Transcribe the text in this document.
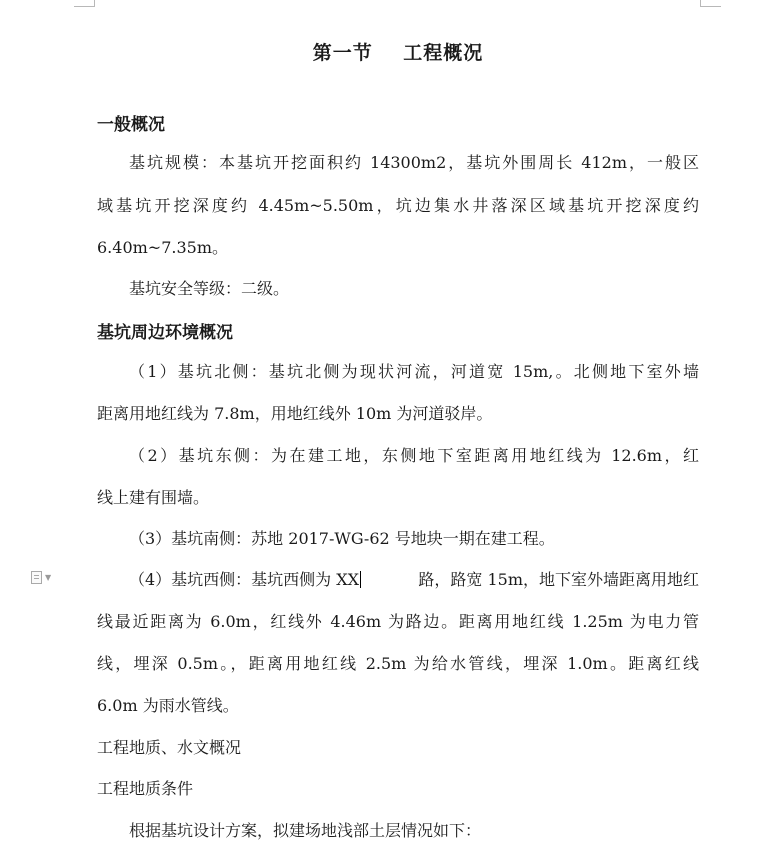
▼
第一节    工程概况
一般概况
基坑规模：本基坑开挖面积约 14300m2，基坑外围周长 412m，一般区
域基坑开挖深度约 4.45m~5.50m，坑边集水井落深区域基坑开挖深度约
6.40m~7.35m。
基坑安全等级：二级。
基坑周边环境概况
（1）基坑北侧：基坑北侧为现状河流，河道宽 15m,。北侧地下室外墙
距离用地红线为 7.8m，用地红线外 10m 为河道驳岸。
（2）基坑东侧：为在建工地，东侧地下室距离用地红线为 12.6m，红
线上建有围墙。
（3）基坑南侧：苏地 2017-WG-62 号地块一期在建工程。
（4）基坑西侧：基坑西侧为 XX	路，路宽 15m，地下室外墙距离用地红
线最近距离为 6.0m，红线外 4.46m 为路边。距离用地红线 1.25m 为电力管
线，埋深 0.5m。，距离用地红线 2.5m 为给水管线，埋深 1.0m。距离红线
6.0m 为雨水管线。
工程地质、水文概况
工程地质条件
根据基坑设计方案，拟建场地浅部土层情况如下：
